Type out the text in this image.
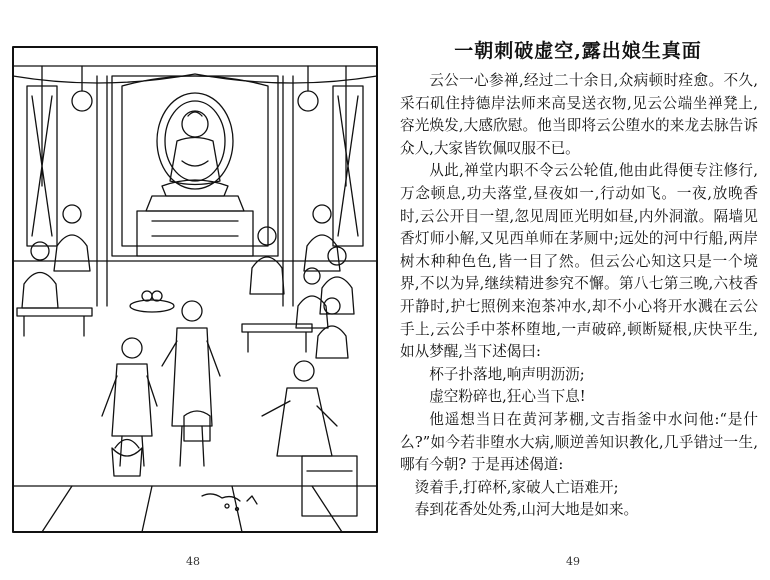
48
一朝刺破虚空,露出娘生真面

云公一心参禅,经过二十余日,众病顿时痊愈。不久,采石矶住持德岸法师来高旻送衣物,见云公端坐禅凳上,容光焕发,大感欣慰。他当即将云公堕水的来龙去脉告诉众人,大家皆钦佩叹服不已。

从此,禅堂内职不令云公轮值,他由此得便专注修行,万念顿息,功夫落堂,昼夜如一,行动如飞。一夜,放晚香时,云公开目一望,忽见周匝光明如昼,内外洞澈。隔墙见香灯师小解,又见西单师在茅厕中;远处的河中行船,两岸树木种种色色,皆一目了然。但云公心知这只是一个境界,不以为异,继续精进参究不懈。第八七第三晚,六枝香开静时,护七照例来泡茶冲水,却不小心将开水溅在云公手上,云公手中茶杯堕地,一声破碎,顿断疑根,庆快平生,如从梦醒,当下述偈曰:

杯子扑落地,响声明沥沥;

虚空粉碎也,狂心当下息!

他遥想当日在黄河茅棚,文吉指釜中水问他:“是什么?”如今若非堕水大病,顺逆善知识教化,几乎错过一生,哪有今朝? 于是再述偈道:

烫着手,打碎杯,家破人亡语难开;

春到花香处处秀,山河大地是如来。

49
